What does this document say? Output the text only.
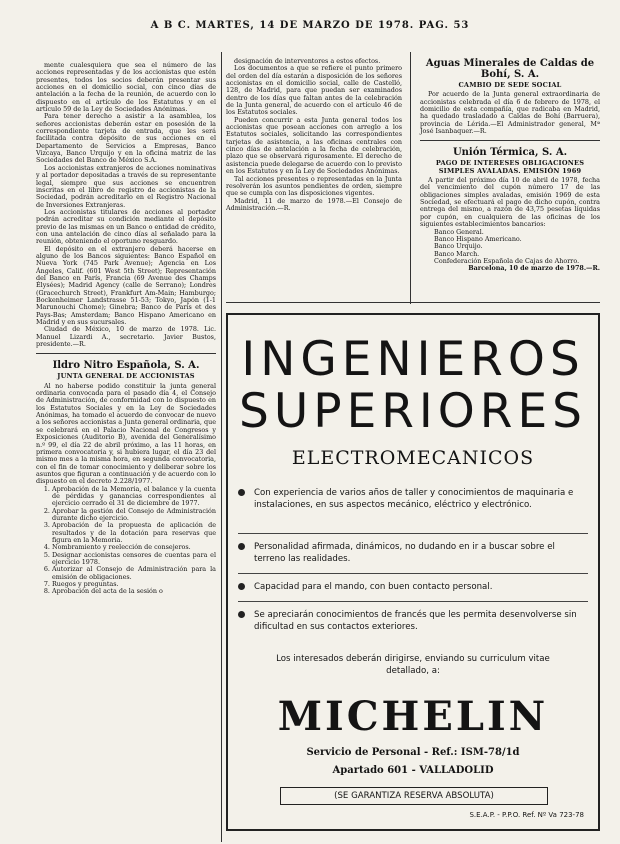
A B C. MARTES, 14 DE MARZO DE 1978. PAG. 53

mente cualesquiera que sea el número de las acciones representadas y de los accionistas que estén presentes, todos los socios deberán presentar sus acciones en el domicilio social, con cinco días de antelación a la fecha de la reunión, de acuerdo con lo dispuesto en el artículo de los Estatutos y en el artículo 59 de la Ley de Sociedades Anónimas.

Para tener derecho a asistir a la asamblea, los señores accionistas deberán estar en posesión de la correspondiente tarjeta de entrada, que les será facilitada contra depósito de sus acciones en el Departamento de Servicios a Empresas, Banco Vizcaya, Banco Urquijo y en la oficina matriz de las Sociedades del Banco de México S.A.

Los accionistas extranjeros de acciones nominativas y al portador depositadas a través de su representante legal, siempre que sus acciones se encuentren inscritas en el libro de registro de accionistas de la Sociedad, podrán acreditarlo en el Registro Nacional de Inversiones Extranjeras.

Los accionistas titulares de acciones al portador podrán acreditar su condición mediante el depósito previo de las mismas en un Banco o entidad de crédito, con una antelación de cinco días al señalado para la reunión, obteniendo el oportuno resguardo.

El depósito en el extranjero deberá hacerse en alguno de los Bancos siguientes: Banco Español en Nueva York (745 Park Avenue); Agencia en Los Ángeles, Calif. (601 West 5th Street); Representación del Banco en París, Francia (69 Avenue des Champs Élysées); Madrid Agency (calle de Serrano); Londres (Gracechurch Street), Frankfurt Am-Main; Hamburgo; Bockenheimer Landstrasse 51-53; Tokyo, Japón (1-1 Marunouchi Chome); Ginebra; Banco de París et des Pays-Bas; Amsterdam; Banco Hispano Americano en Madrid y en sus sucursales.

Ciudad de México, 10 de marzo de 1978. Lic. Manuel Lizardi A., secretario. Javier Bustos, presidente.—R.

Ildro Nitro Española, S. A.
JUNTA GENERAL DE ACCIONISTAS

Al no haberse podido constituir la junta general ordinaria convocada para el pasado día 4, el Consejo de Administración, de conformidad con lo dispuesto en los Estatutos Sociales y en la Ley de Sociedades Anónimas, ha tomado el acuerdo de convocar de nuevo a los señores accionistas a Junta general ordinaria, que se celebrará en el Palacio Nacional de Congresos y Exposiciones (Auditorio B), avenida del Generalísimo n.º 99, el día 22 de abril próximo, a las 11 horas, en primera convocatoria y, si hubiera lugar, el día 23 del mismo mes a la misma hora, en segunda convocatoria, con el fin de tomar conocimiento y deliberar sobre los asuntos que figuran a continuación y de acuerdo con lo dispuesto en el decreto 2.228/1977.

1. Aprobación de la Memoria, el balance y la cuenta de pérdidas y ganancias correspondientes al ejercicio cerrado el 31 de diciembre de 1977.
2. Aprobar la gestión del Consejo de Administración durante dicho ejercicio.
3. Aprobación de la propuesta de aplicación de resultados y de la dotación para reservas que figura en la Memoria.
4. Nombramiento y reelección de consejeros.
5. Designar accionistas censores de cuentas para el ejercicio 1978.
6. Autorizar al Consejo de Administración para la emisión de obligaciones.
7. Ruegos y preguntas.
8. Aprobación del acta de la sesión o

designación de interventores a estos efectos.

Los documentos a que se refiere el punto primero del orden del día estarán a disposición de los señores accionistas en el domicilio social, calle de Castelló, 128, de Madrid, para que puedan ser examinados dentro de los días que faltan antes de la celebración de la Junta general, de acuerdo con el artículo 46 de los Estatutos sociales.

Pueden concurrir a esta Junta general todos los accionistas que posean acciones con arreglo a los Estatutos sociales, solicitando las correspondientes tarjetas de asistencia, a las oficinas centrales con cinco días de antelación a la fecha de celebración, plazo que se observará rigurosamente. El derecho de asistencia puede delegarse de acuerdo con lo previsto en los Estatutos y en la Ley de Sociedades Anónimas.

Tal acciones presentes o representadas en la Junta resolverán los asuntos pendientes de orden, siempre que se cumpla con las disposiciones vigentes.

Madrid, 11 de marzo de 1978.—El Consejo de Administración.—R.

Aguas Minerales de Caldas de Bohí, S. A.
CAMBIO DE SEDE SOCIAL

Por acuerdo de la Junta general extraordinaria de accionistas celebrada el día 6 de febrero de 1978, el domicilio de esta compañía, que radicaba en Madrid, ha quedado trasladado a Caldas de Bohí (Barruera), provincia de Lérida.—El Administrador general, Mª José Isanbaquer.—R.

Unión Térmica, S. A.
PAGO DE INTERESES OBLIGACIONES SIMPLES AVALADAS. EMISIÓN 1969

A partir del próximo día 10 de abril de 1978, fecha del vencimiento del cupón número 17 de las obligaciones simples avaladas, emisión 1969 de esta Sociedad, se efectuará el pago de dicho cupón, contra entrega del mismo, a razón de 43,75 pesetas líquidas por cupón, en cualquiera de las oficinas de los siguientes establecimientos bancarios:

Banco General.
Banco Hispano Americano.
Banco Urquijo.
Banco March.
Confederación Española de Cajas de Ahorro.

Barcelona, 10 de marzo de 1978.—R.

INGENIEROS

SUPERIORES

ELECTROMECANICOS

Con experiencia de varios años de taller y conocimientos de maquinaria e instalaciones, en sus aspectos mecánico, eléctrico y electrónico.
Personalidad afirmada, dinámicos, no dudando en ir a buscar sobre el terreno las realidades.
Capacidad para el mando, con buen contacto personal.
Se apreciarán conocimientos de francés que les permita desenvolverse sin dificultad en sus contactos exteriores.
Los interesados deberán dirigirse, enviando su curriculum vitae detallado, a:
MICHELIN
Servicio de Personal - Ref.: ISM-78/1d
Apartado 601 - VALLADOLID
(SE GARANTIZA RESERVA ABSOLUTA)
S.E.A.P. - P.P.O. Ref. Nº Va 723-78
